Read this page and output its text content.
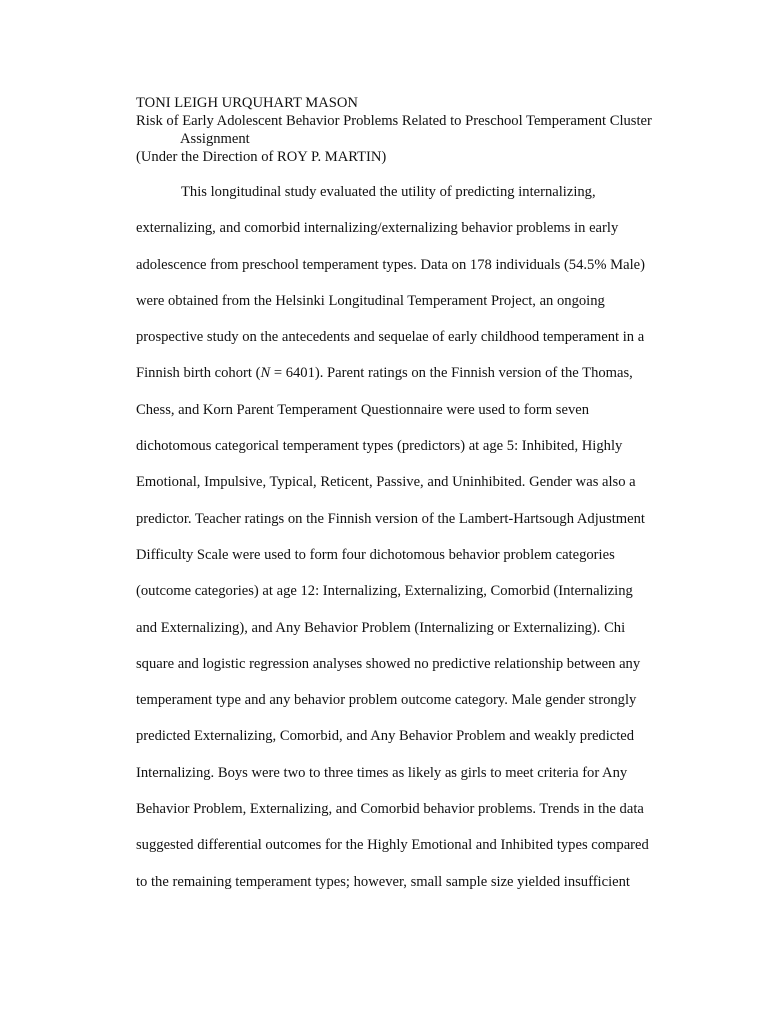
TONI LEIGH URQUHART MASON
Risk of Early Adolescent Behavior Problems Related to Preschool Temperament Cluster
Assignment
(Under the Direction of ROY P. MARTIN)
This longitudinal study evaluated the utility of predicting internalizing,
externalizing, and comorbid internalizing/externalizing behavior problems in early
adolescence from preschool temperament types. Data on 178 individuals (54.5% Male)
were obtained from the Helsinki Longitudinal Temperament Project, an ongoing
prospective study on the antecedents and sequelae of early childhood temperament in a
Finnish birth cohort (N = 6401). Parent ratings on the Finnish version of the Thomas,
Chess, and Korn Parent Temperament Questionnaire were used to form seven
dichotomous categorical temperament types (predictors) at age 5: Inhibited, Highly
Emotional, Impulsive, Typical, Reticent, Passive, and Uninhibited. Gender was also a
predictor. Teacher ratings on the Finnish version of the Lambert-Hartsough Adjustment
Difficulty Scale were used to form four dichotomous behavior problem categories
(outcome categories) at age 12: Internalizing, Externalizing, Comorbid (Internalizing
and Externalizing), and Any Behavior Problem (Internalizing or Externalizing). Chi
square and logistic regression analyses showed no predictive relationship between any
temperament type and any behavior problem outcome category. Male gender strongly
predicted Externalizing, Comorbid, and Any Behavior Problem and weakly predicted
Internalizing. Boys were two to three times as likely as girls to meet criteria for Any
Behavior Problem, Externalizing, and Comorbid behavior problems. Trends in the data
suggested differential outcomes for the Highly Emotional and Inhibited types compared
to the remaining temperament types; however, small sample size yielded insufficient
